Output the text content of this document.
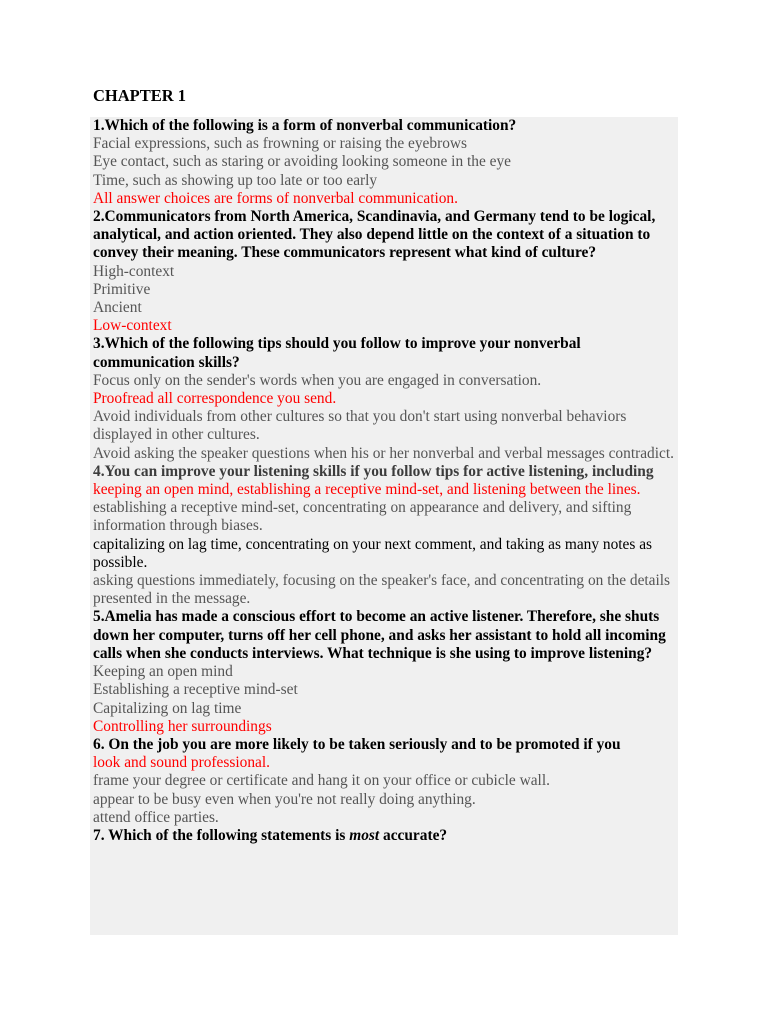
CHAPTER 1

1.Which of the following is a form of nonverbal communication?

Facial expressions, such as frowning or raising the eyebrows

Eye contact, such as staring or avoiding looking someone in the eye

Time, such as showing up too late or too early

All answer choices are forms of nonverbal communication.

2.Communicators from North America, Scandinavia, and Germany tend to be logical, analytical, and action oriented. They also depend little on the context of a situation to convey their meaning. These communicators represent what kind of culture?

High-context

Primitive

Ancient

Low-context

3.Which of the following tips should you follow to improve your nonverbal communication skills?

Focus only on the sender's words when you are engaged in conversation.

Proofread all correspondence you send.

Avoid individuals from other cultures so that you don't start using nonverbal behaviors displayed in other cultures.

Avoid asking the speaker questions when his or her nonverbal and verbal messages contradict.

4.You can improve your listening skills if you follow tips for active listening, including

keeping an open mind, establishing a receptive mind-set, and listening between the lines.

establishing a receptive mind-set, concentrating on appearance and delivery, and sifting information through biases.

capitalizing on lag time, concentrating on your next comment, and taking as many notes as possible.

asking questions immediately, focusing on the speaker's face, and concentrating on the details presented in the message.

5.Amelia has made a conscious effort to become an active listener. Therefore, she shuts down her computer, turns off her cell phone, and asks her assistant to hold all incoming calls when she conducts interviews. What technique is she using to improve listening?

Keeping an open mind

Establishing a receptive mind-set

Capitalizing on lag time

Controlling her surroundings

6. On the job you are more likely to be taken seriously and to be promoted if you

look and sound professional.

frame your degree or certificate and hang it on your office or cubicle wall.

appear to be busy even when you're not really doing anything.

attend office parties.

7. Which of the following statements is most accurate?
